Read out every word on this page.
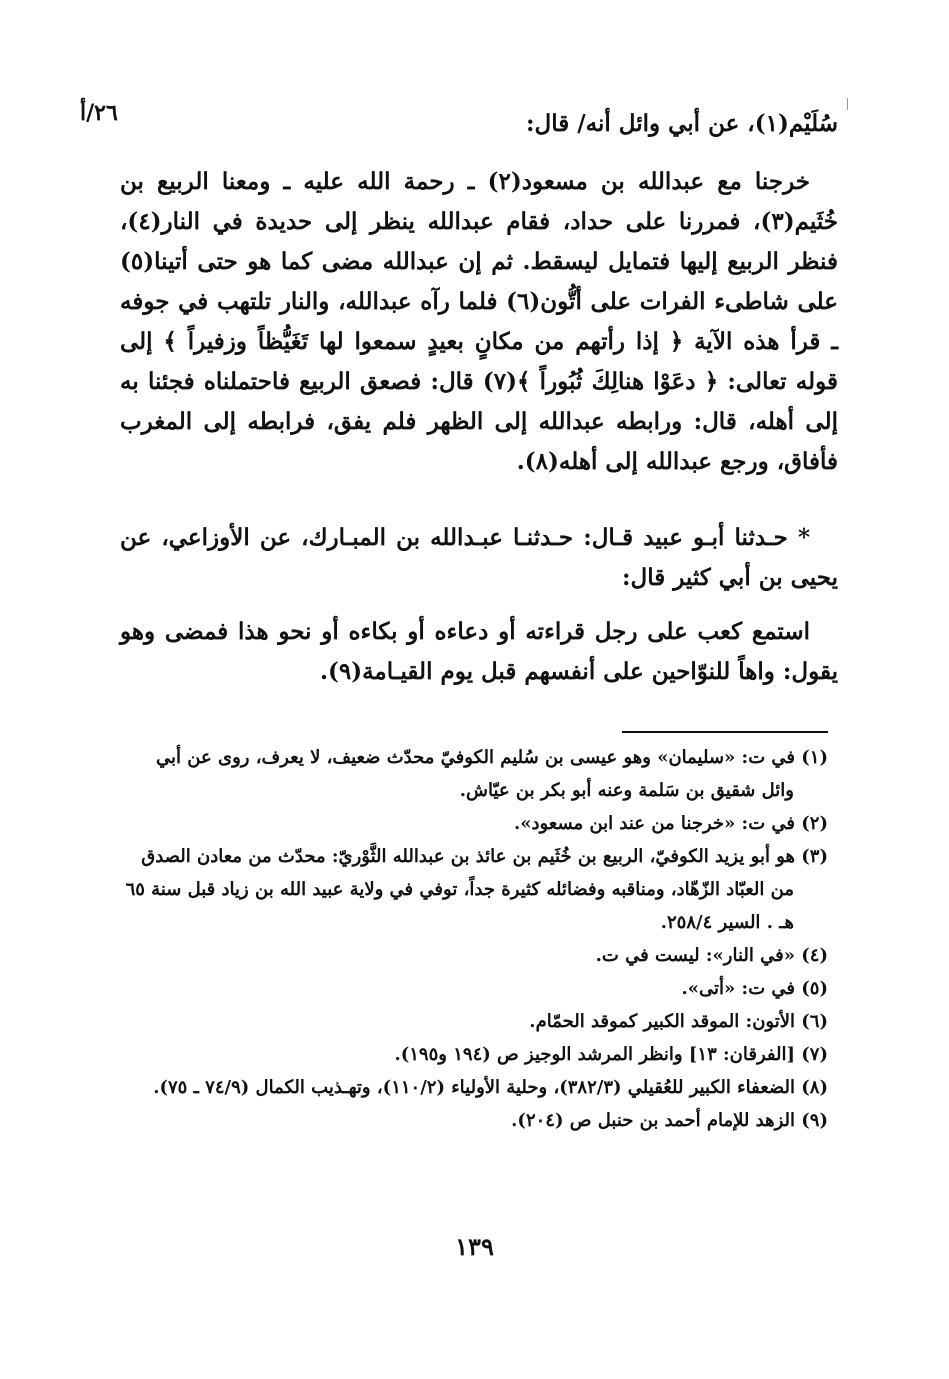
٢٦/أ	سُلَيْم(١)، عن أبي وائل أنه/ قال:

خرجنا مع عبدالله بن مسعود(٢) ـ رحمة الله عليه ـ ومعنا الربيع بن خُثَيم(٣)، فمررنا على حداد، فقام عبدالله ينظر إلى حديدة في النار(٤)، فنظر الربيع إليها فتمايل ليسقط. ثم إن عبدالله مضى كما هو حتى أتينا(٥) على شاطىء الفرات على أتُّون(٦) فلما رآه عبدالله، والنار تلتهب في جوفه ـ قرأ هذه الآية ﴿ إذا رأتهم من مكانٍ بعيدٍ سمعوا لها تَغَيُّظاً وزفيراً ﴾ إلى قوله تعالى: ﴿ دعَوْا هنالِكَ ثُبُوراً ﴾(٧) قال: فصعق الربيع فاحتملناه فجئنا به إلى أهله، قال: ورابطه عبدالله إلى الظهر فلم يفق، فرابطه إلى المغرب فأفاق، ورجع عبدالله إلى أهله(٨).

* حـدثنا أبـو عبيد قـال: حـدثنـا عبـدالله بن المبـارك، عن الأوزاعي، عن يحيى بن أبي كثير قال:

استمع كعب على رجل قراءته أو دعاءه أو بكاءه أو نحو هذا فمضى وهو يقول: واهاً للنوّاحين على أنفسهم قبل يوم القيـامة(٩).

(١) في ت: «سليمان» وهو عيسى بن سُليم الكوفيّ محدّث ضعيف، لا يعرف، روى عن أبي وائل شقيق بن سَلمة وعنه أبو بكر بن عيّاش.

(٢) في ت: «خرجنا من عند ابن مسعود».

(٣) هو أبو يزيد الكوفيّ، الربيع بن خُثَيم بن عائذ بن عبدالله الثَّوْريّ: محدّث من معادن الصدق من العبّاد الزّهّاد، ومناقبه وفضائله كثيرة جداً، توفي في ولاية عبيد الله بن زياد قبل سنة ٦٥ هـ . السير ٢٥٨/٤.

(٤) «في النار»: ليست في ت.

(٥) في ت: «أتى».

(٦) الأتون: الموقد الكبير كموقد الحمّام.

(٧) [الفرقان: ١٣] وانظر المرشد الوجيز ص (١٩٤ و١٩٥).

(٨) الضعفاء الكبير للعُقيلي (٣٨٢/٣)، وحلية الأولياء (١١٠/٢)، وتهـذيب الكمال (٧٤/٩ ـ ٧٥).

(٩) الزهد للإمام أحمد بن حنبل ص (٢٠٤).

١٣٩
